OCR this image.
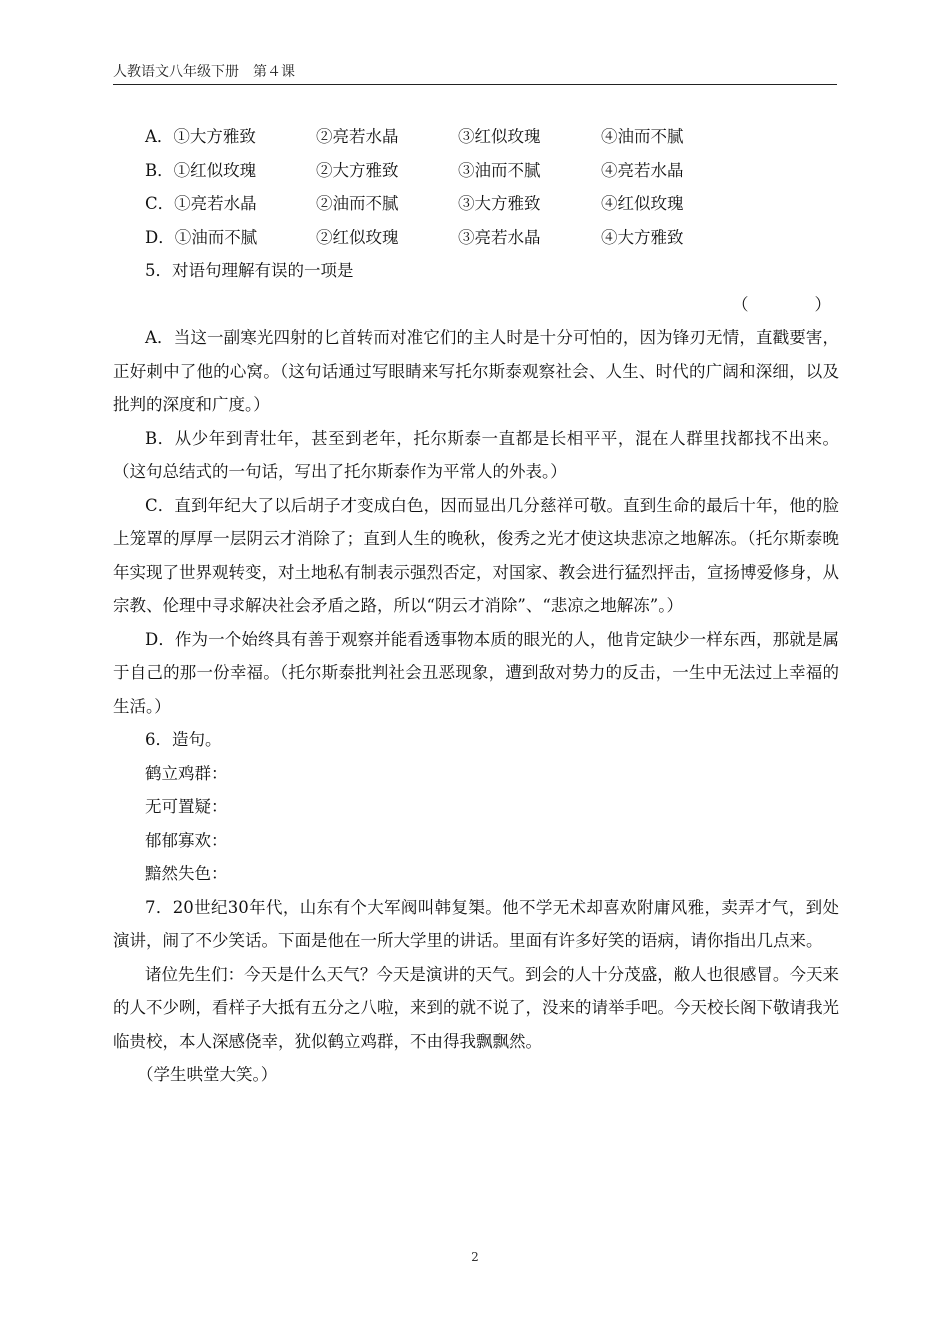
人教语文八年级下册　第４课
A．①大方雅致	②亮若水晶	③红似玫瑰	④油而不腻
B．①红似玫瑰	②大方雅致	③油而不腻	④亮若水晶
C．①亮若水晶	②油而不腻	③大方雅致	④红似玫瑰
D．①油而不腻	②红似玫瑰	③亮若水晶	④大方雅致
5．对语句理解有误的一项是
（　　　　）

A．当这一副寒光四射的匕首转而对准它们的主人时是十分可怕的，因为锋刃无情，直戳要害，正好刺中了他的心窝。（这句话通过写眼睛来写托尔斯泰观察社会、人生、时代的广阔和深细，以及批判的深度和广度。）

B．从少年到青壮年，甚至到老年，托尔斯泰一直都是长相平平，混在人群里找都找不出来。（这句总结式的一句话，写出了托尔斯泰作为平常人的外表。）

C．直到年纪大了以后胡子才变成白色，因而显出几分慈祥可敬。直到生命的最后十年，他的脸上笼罩的厚厚一层阴云才消除了；直到人生的晚秋，俊秀之光才使这块悲凉之地解冻。（托尔斯泰晚年实现了世界观转变，对土地私有制表示强烈否定，对国家、教会进行猛烈抨击，宣扬博爱修身，从宗教、伦理中寻求解决社会矛盾之路，所以“阴云才消除”、“悲凉之地解冻”。）

D．作为一个始终具有善于观察并能看透事物本质的眼光的人，他肯定缺少一样东西，那就是属于自己的那一份幸福。（托尔斯泰批判社会丑恶现象，遭到敌对势力的反击，一生中无法过上幸福的生活。）

6．造句。
鹤立鸡群：
无可置疑：
郁郁寡欢：
黯然失色：

7．20世纪30年代，山东有个大军阀叫韩复榘。他不学无术却喜欢附庸风雅，卖弄才气，到处演讲，闹了不少笑话。下面是他在一所大学里的讲话。里面有许多好笑的语病，请你指出几点来。

诸位先生们：今天是什么天气？今天是演讲的天气。到会的人十分茂盛，敝人也很感冒。今天来的人不少咧，看样子大抵有五分之八啦，来到的就不说了，没来的请举手吧。今天校长阁下敬请我光临贵校，本人深感侥幸，犹似鹤立鸡群，不由得我飘飘然。

（学生哄堂大笑。）
2
